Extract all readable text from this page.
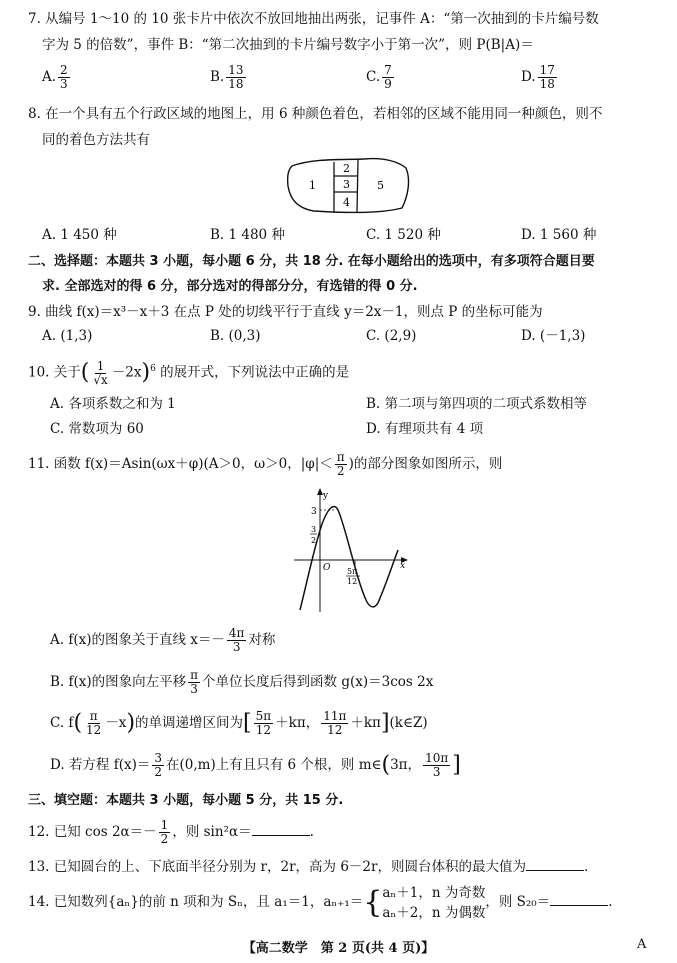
7. 从编号 1～10 的 10 张卡片中依次不放回地抽出两张，记事件 A：“第一次抽到的卡片编号数
字为 5 的倍数”，事件 B：“第二次抽到的卡片编号数字小于第一次”，则 P(B|A)＝
A. $\frac{2}{3}$	B. $\frac{13}{18}$	C. $\frac{7}{9}$	D. $\frac{17}{18}$
8. 在一个具有五个行政区域的地图上，用 6 种颜色着色，若相邻的区域不能用同一种颜色，则不
同的着色方法共有
1
2
3
4
5
A. 1 450 种	B. 1 480 种	C. 1 520 种	D. 1 560 种
二、选择题：本题共 3 小题，每小题 6 分，共 18 分. 在每小题给出的选项中，有多项符合题目要
求. 全部选对的得 6 分，部分选对的得部分分，有选错的得 0 分.
9. 曲线 f(x)＝x³－x＋3 在点 P 处的切线平行于直线 y＝2x－1，则点 P 的坐标可能为
A. (1,3)	B. (0,3)	C. (2,9)	D. (－1,3)
10. 关于( $\frac{1}{√x} -2x)^6$ 的展开式，下列说法中正确的是
A. 各项系数之和为 1	B. 第二项与第四项的二项式系数相等
C. 常数项为 60	D. 有理项共有 4 项
11. 函数 f(x)＝Asin(ωx＋φ)(A＞0，ω＞0，$|\varphi|< \frac{\pi}{2}$ )的部分图象如图所示，则
y
3
3
2
O 5π
12
x
A. f(x)的图象关于直线 $x=- \frac{4\pi}{3}$ 对称
B. f(x)的图象向左平移 $\frac{\pi}{3}$ 个单位长度后得到函数 g(x)＝3cos 2x
C. $f( \frac{\pi}{12} -x)$的单调递增区间为[ $\frac{5\pi}{12} +k\pi$， $\frac{11\pi}{12}$ ＋kπ](k∈Z)
D. 若方程 $f(x)= \frac{3}{2}$ 在(0,m)上有且只有 6 个根，则 m∈(3π， $\frac{10\pi}{3}$ ]
三、填空题：本题共 3 小题，每小题 5 分，共 15 分.
12. 已知 $\cos 2\alpha=- \frac{1}{2}$ ，则 sin²α＝	.
13. 已知圆台的上、下底面半径分别为 r，2r，高为 6－2r，则圆台体积的最大值为	.
14. 已知数列{aₙ}的前 n 项和为 Sₙ，且 a₁＝1，aₙ₊₁＝{ aₙ＋1，n 为奇数
aₙ＋2，n 为偶数
，则 S₂₀＝	.
【高二数学　第 2 页(共 4 页)】	A
